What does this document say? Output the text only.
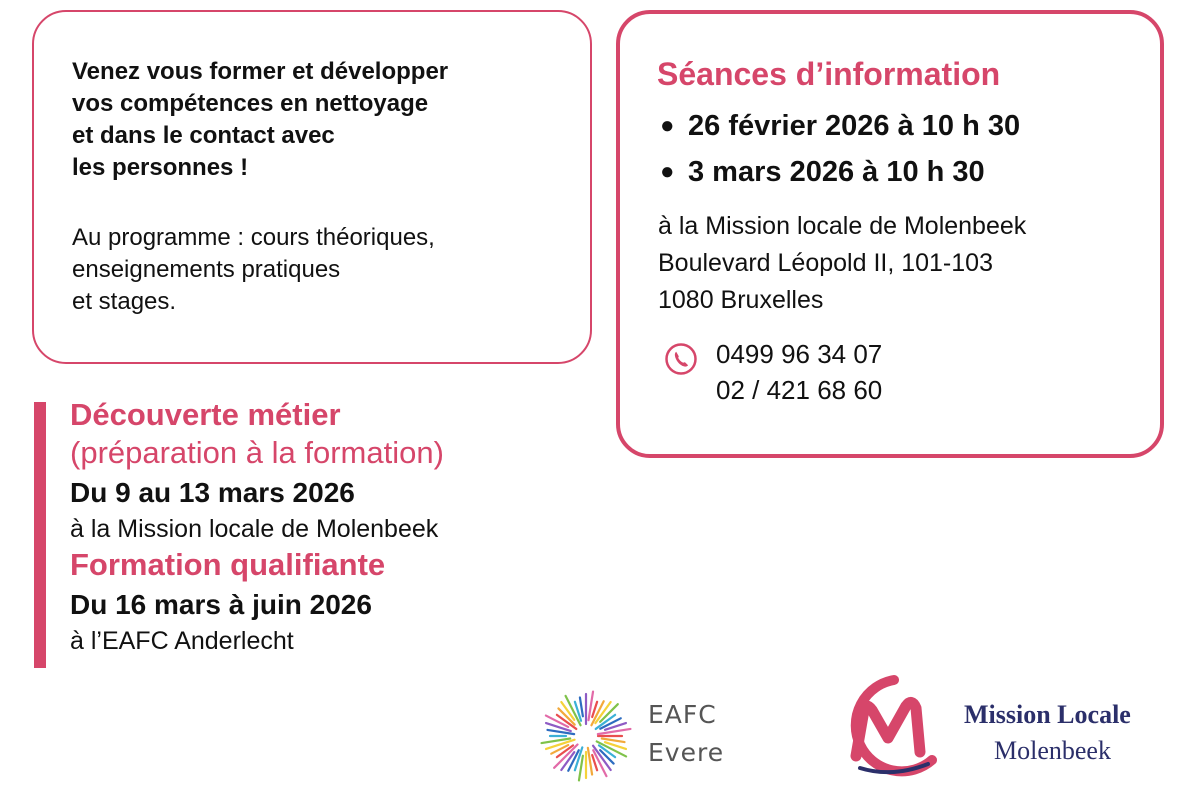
Venez vous former et développer
vos compétences en nettoyage
et dans le contact avec
les personnes !
Au programme : cours théoriques,
enseignements pratiques
et stages.
Séances d’information
● 26 février 2026 à 10 h 30
● 3 mars 2026 à 10 h 30
à la Mission locale de Molenbeek
Boulevard Léopold II, 101-103
1080 Bruxelles
0499 96 34 07
02 / 421 68 60
Découverte métier
(préparation à la formation)
Du 9 au 13 mars 2026
à la Mission locale de Molenbeek
Formation qualifiante
Du 16 mars à juin 2026
à l’EAFC Anderlecht
EAFC
Evere
Mission Locale
Molenbeek
